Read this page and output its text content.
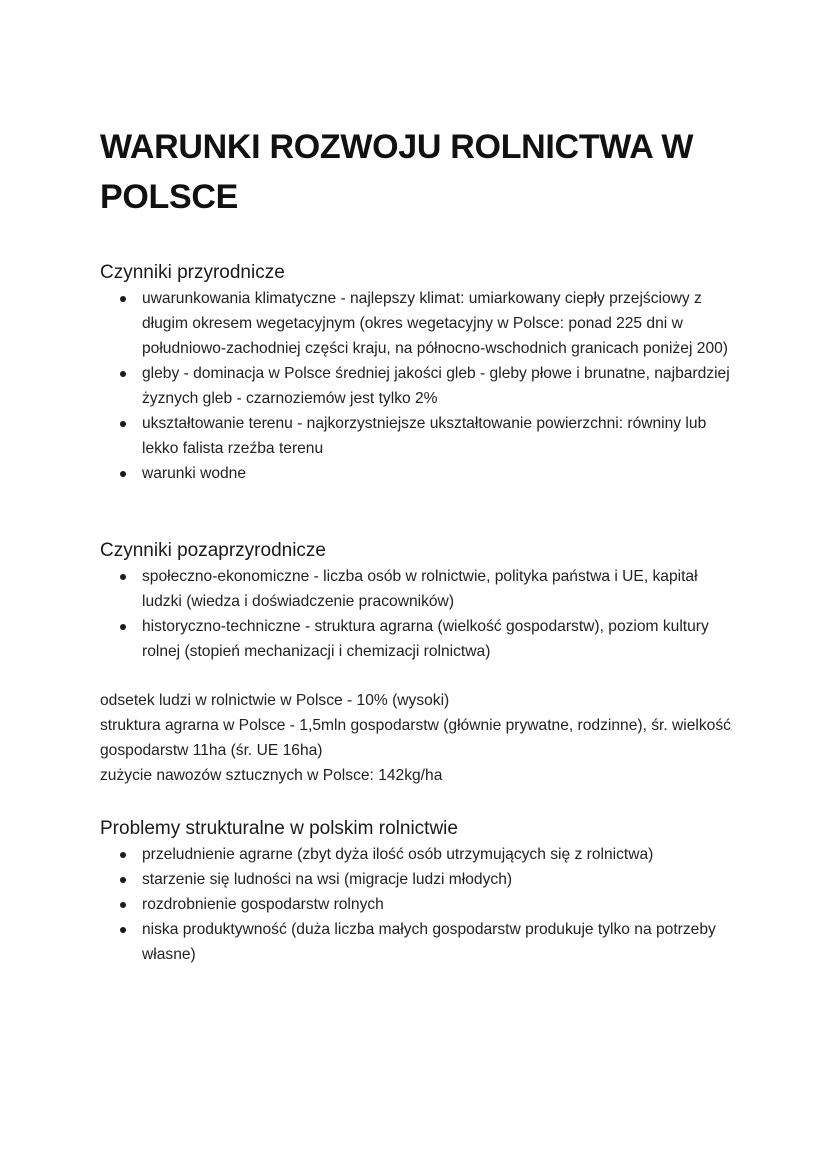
WARUNKI ROZWOJU ROLNICTWA W POLSCE
Czynniki przyrodnicze
uwarunkowania klimatyczne - najlepszy klimat: umiarkowany ciepły przejściowy z długim okresem wegetacyjnym (okres wegetacyjny w Polsce: ponad 225 dni w południowo-zachodniej części kraju, na północno-wschodnich granicach poniżej 200)
gleby - dominacja w Polsce średniej jakości gleb - gleby płowe i brunatne, najbardziej żyznych gleb - czarnoziemów jest tylko 2%
ukształtowanie terenu - najkorzystniejsze ukształtowanie powierzchni: równiny lub lekko falista rzeźba terenu
warunki wodne
Czynniki pozaprzyrodnicze
społeczno-ekonomiczne - liczba osób w rolnictwie, polityka państwa i UE, kapitał ludzki (wiedza i doświadczenie pracowników)
historyczno-techniczne - struktura agrarna (wielkość gospodarstw), poziom kultury rolnej (stopień mechanizacji i chemizacji rolnictwa)

odsetek ludzi w rolnictwie w Polsce - 10% (wysoki)

struktura agrarna w Polsce - 1,5mln gospodarstw (głównie prywatne, rodzinne), śr. wielkość gospodarstw 11ha (śr. UE 16ha)

zużycie nawozów sztucznych w Polsce: 142kg/ha

Problemy strukturalne w polskim rolnictwie
przeludnienie agrarne (zbyt dyża ilość osób utrzymujących się z rolnictwa)
starzenie się ludności na wsi (migracje ludzi młodych)
rozdrobnienie gospodarstw rolnych
niska produktywność (duża liczba małych gospodarstw produkuje tylko na potrzeby własne)
